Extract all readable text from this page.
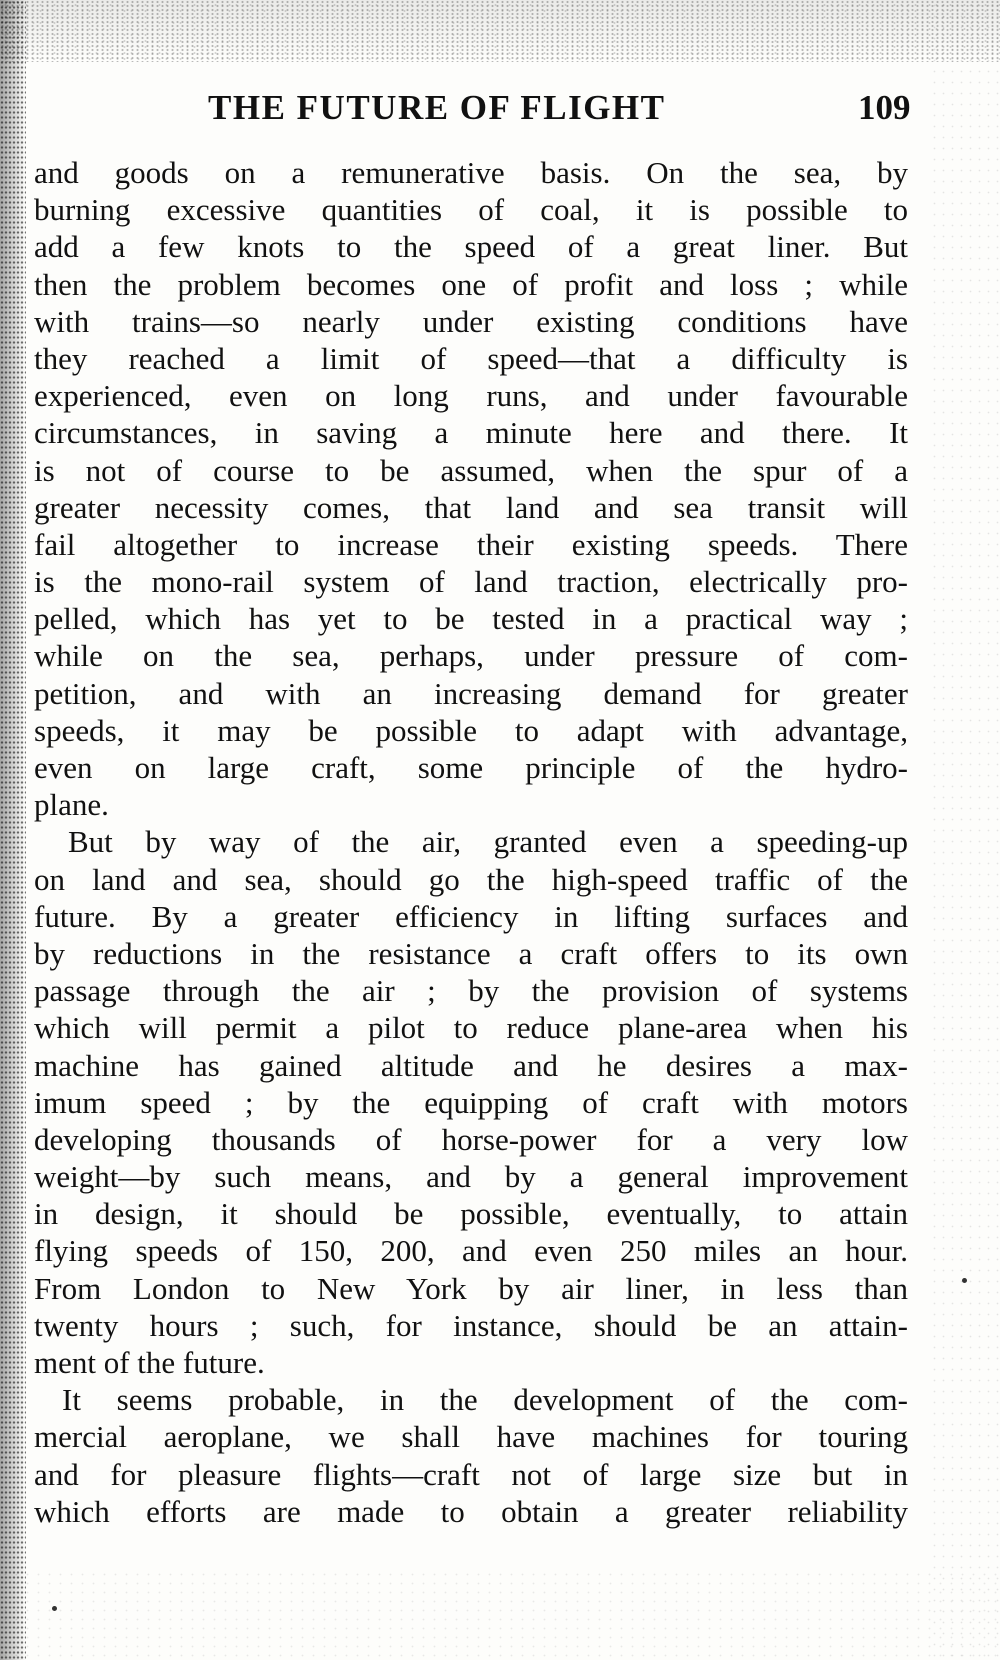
THE FUTURE OF FLIGHT	109
and goods on a remunerative basis. On the sea, by
burning excessive quantities of coal, it is possible to
add a few knots to the speed of a great liner. But
then the problem becomes one of profit and loss ; while
with trains—so nearly under existing conditions have
they reached a limit of speed—that a difficulty is
experienced, even on long runs, and under favourable
circumstances, in saving a minute here and there. It
is not of course to be assumed, when the spur of a
greater necessity comes, that land and sea transit will
fail altogether to increase their existing speeds. There
is the mono-rail system of land traction, electrically pro-
pelled, which has yet to be tested in a practical way ;
while on the sea, perhaps, under pressure of com-
petition, and with an increasing demand for greater
speeds, it may be possible to adapt with advantage,
even on large craft, some principle of the hydro-
plane.
But by way of the air, granted even a speeding-up
on land and sea, should go the high-speed traffic of the
future. By a greater efficiency in lifting surfaces and
by reductions in the resistance a craft offers to its own
passage through the air ; by the provision of systems
which will permit a pilot to reduce plane-area when his
machine has gained altitude and he desires a max-
imum speed ; by the equipping of craft with motors
developing thousands of horse-power for a very low
weight—by such means, and by a general improvement
in design, it should be possible, eventually, to attain
flying speeds of 150, 200, and even 250 miles an hour.
From London to New York by air liner, in less than
twenty hours ; such, for instance, should be an attain-
ment of the future.
It seems probable, in the development of the com-
mercial aeroplane, we shall have machines for touring
and for pleasure flights—craft not of large size but in
which efforts are made to obtain a greater reliability
